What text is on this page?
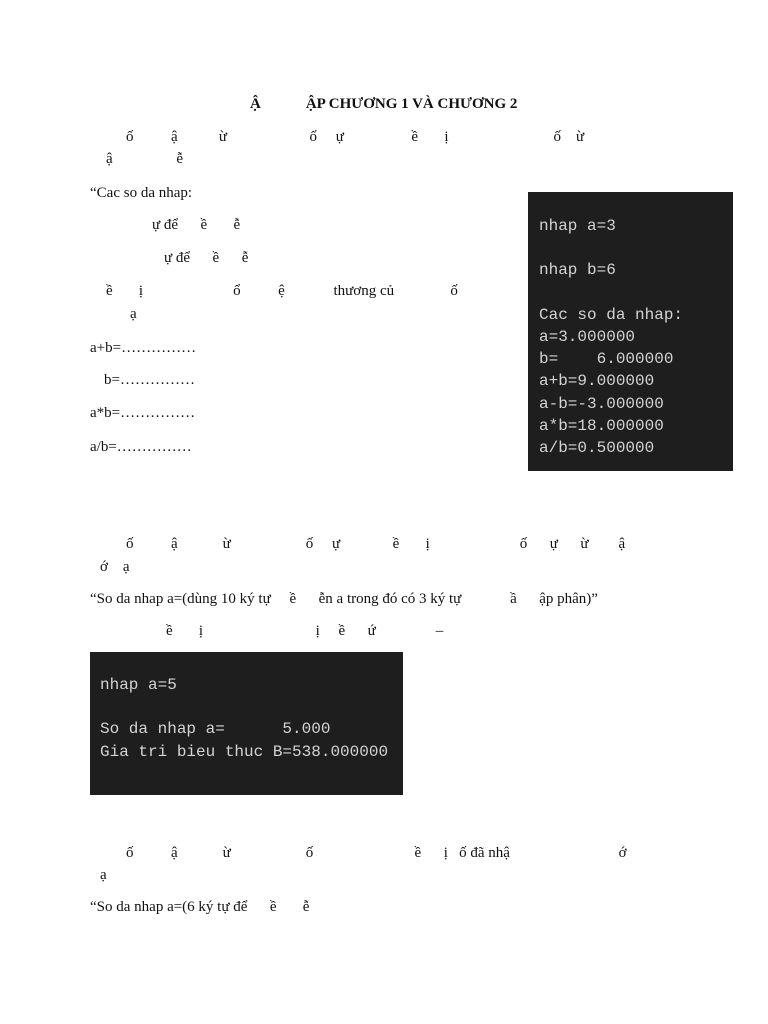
Ậ            ẬP CHƯƠNG 1 VÀ CHƯƠNG 2
ố          ậ           ừ                      ố     ự                  ề       ị                            ố    ừ
ậ                 ễ
“Cac so da nhap:
ự để      ề       ễ
ự để      ề      ễ
ề       ị                        ổ          ệ             thương củ               ố
ạ
a+b=……………
b=……………
a*b=……………
a/b=……………
nhap a=3
nhap b=6
Cac so da nhap:
a=3.000000
b=    6.000000
a+b=9.000000
a-b=-3.000000
a*b=18.000000
a/b=0.500000
ố          ậ            ừ                    ố     ự              ề       ị                        ố      ự      ừ        ậ
ớ    ạ
“So da nhap a=(dùng 10 ký tự     ề      ễn a trong đó có 3 ký tự             ầ      ập phân)”
ề       ị                              ị     ề      ứ                –
nhap a=5
So da nhap a=      5.000
Gia tri bieu thuc B=538.000000
ố          ậ            ừ                    ố                           ề      ị   ố đã nhậ                             ớ
ạ
“So da nhap a=(6 ký tự để      ề       ễ
